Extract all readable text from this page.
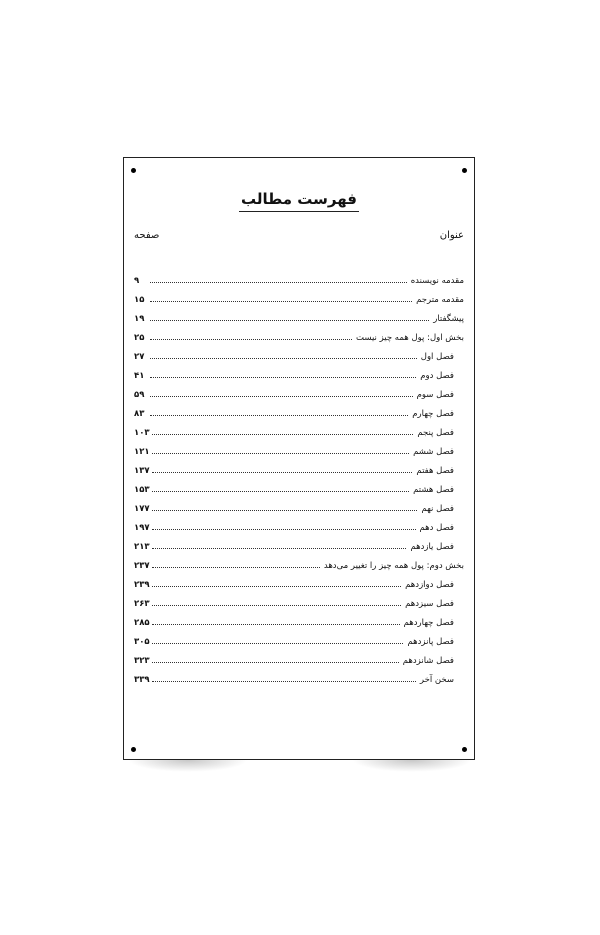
فهرست مطالب
عنوان
صفحه
مقدمه نویسنده
۹
مقدمه مترجم
۱۵
پیشگفتار
۱۹
بخش اول: پول همه چیز نیست
۲۵
فصل اول
۲۷
فصل دوم
۴۱
فصل سوم
۵۹
فصل چهارم
۸۳
فصل پنجم
۱۰۳
فصل ششم
۱۲۱
فصل هفتم
۱۳۷
فصل هشتم
۱۵۳
فصل نهم
۱۷۷
فصل دهم
۱۹۷
فصل یازدهم
۲۱۳
بخش دوم: پول همه چیز را تغییر می‌دهد
۲۳۷
فصل دوازدهم
۲۳۹
فصل سیزدهم
۲۶۳
فصل چهاردهم
۲۸۵
فصل پانزدهم
۳۰۵
فصل شانزدهم
۳۲۳
سخن آخر
۳۳۹
